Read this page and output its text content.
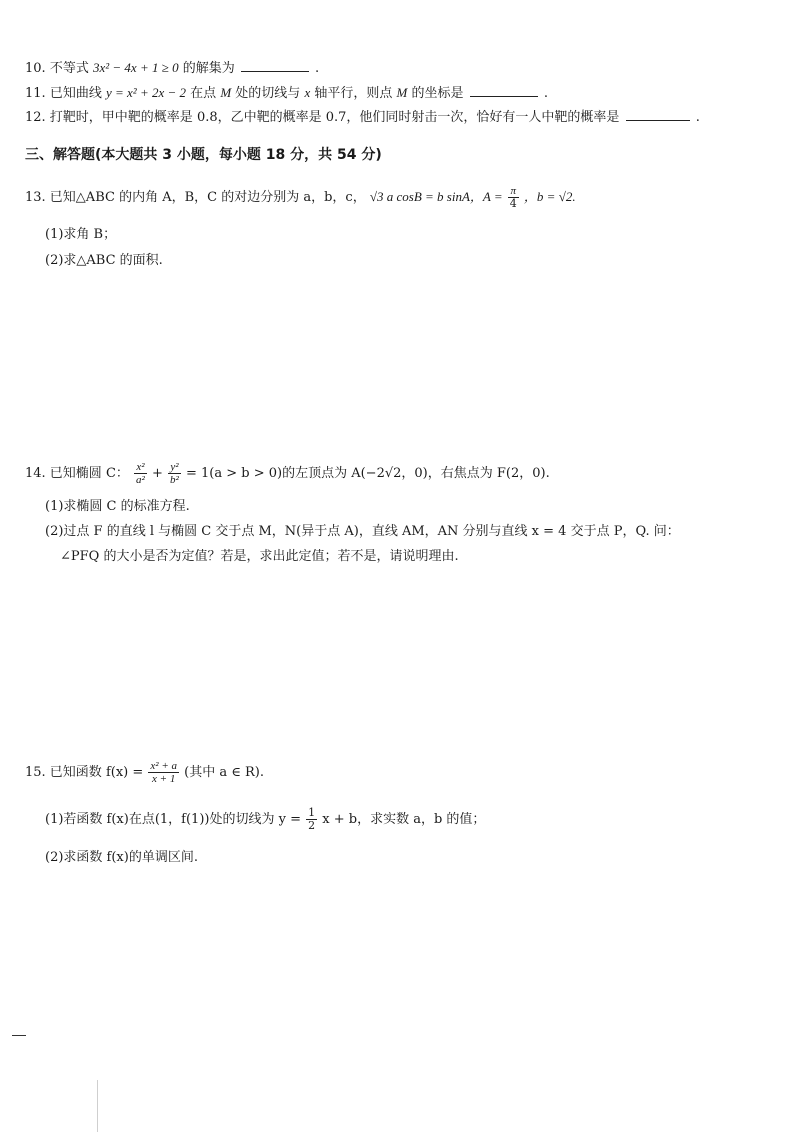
10. 不等式 3x² − 4x + 1 ≥ 0 的解集为	.
11. 已知曲线 y = x² + 2x − 2 在点 M 处的切线与 x 轴平行，则点 M 的坐标是	.
12. 打靶时，甲中靶的概率是 0.8，乙中靶的概率是 0.7，他们同时射击一次，恰好有一人中靶的概率是	.
三、解答题(本大题共 3 小题，每小题 18 分，共 54 分)
13. 已知△ABC 的内角 A，B，C 的对边分别为 a，b，c， √3 a cosB = b sinA，$A = \frac{\pi}{4}$ ，b = √2.
(1)求角 B；
(2)求△ABC 的面积.
14. 已知椭圆 C： $\frac{\text{x²}}{\text{a²}} + \frac{\text{y²}}{\text{b²}} = 1(a > b > 0)$的左顶点为 A(−2√2，0)，右焦点为 F(2，0).
(1)求椭圆 C 的标准方程.
(2)过点 F 的直线 l 与椭圆 C 交于点 M，N(异于点 A)，直线 AM，AN 分别与直线 x = 4 交于点 P，Q. 问：
∠PFQ 的大小是否为定值？若是，求出此定值；若不是，请说明理由.
15. 已知函数 $f(x) = \frac{\text{x² + a}}{x + 1}$ (其中 a ∈ R).
(1)若函数 f(x)在点(1，f(1))处的切线为 $y = \frac{1}{2}$ x + b，求实数 a，b 的值；
(2)求函数 f(x)的单调区间.
